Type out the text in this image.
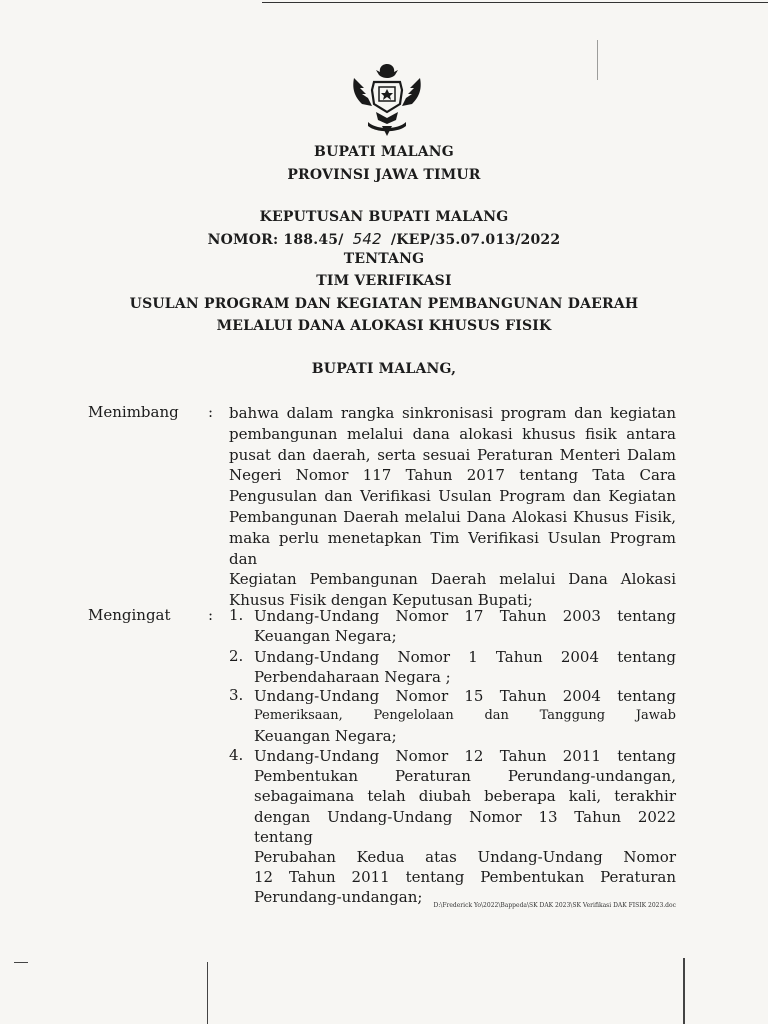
BUPATI MALANG
PROVINSI JAWA TIMUR
KEPUTUSAN BUPATI MALANG
NOMOR: 188.45/ 542 /KEP/35.07.013/2022
TENTANG
TIM VERIFIKASI
USULAN PROGRAM DAN KEGIATAN PEMBANGUNAN DAERAH
MELALUI DANA ALOKASI KHUSUS FISIK
BUPATI MALANG,
Menimbang : bahwa dalam rangka sinkronisasi program dan kegiatan
pembangunan melalui dana alokasi khusus fisik antara
pusat dan daerah, serta sesuai Peraturan Menteri Dalam
Negeri Nomor 117 Tahun 2017 tentang Tata Cara
Pengusulan dan Verifikasi Usulan Program dan Kegiatan
Pembangunan Daerah melalui Dana Alokasi Khusus Fisik,
maka perlu menetapkan Tim Verifikasi Usulan Program dan
Kegiatan Pembangunan Daerah melalui Dana Alokasi
Khusus Fisik dengan Keputusan Bupati;
Mengingat : 1. Undang-Undang Nomor 17 Tahun 2003 tentang
Keuangan Negara;
2. Undang-Undang Nomor 1 Tahun 2004 tentang
Perbendaharaan Negara ;
3. Undang-Undang Nomor 15 Tahun 2004 tentang
Pemeriksaan, Pengelolaan dan Tanggung Jawab
Keuangan Negara;
4. Undang-Undang Nomor 12 Tahun 2011 tentang
Pembentukan Peraturan Perundang-undangan,
sebagaimana telah diubah beberapa kali, terakhir
dengan Undang-Undang Nomor 13 Tahun 2022 tentang
Perubahan Kedua atas Undang-Undang Nomor
12 Tahun 2011 tentang Pembentukan Peraturan
Perundang-undangan;	D:\Frederick Yo\2022\Bappeda\SK DAK 2023\SK Verifikasi DAK FISIK 2023.doc
